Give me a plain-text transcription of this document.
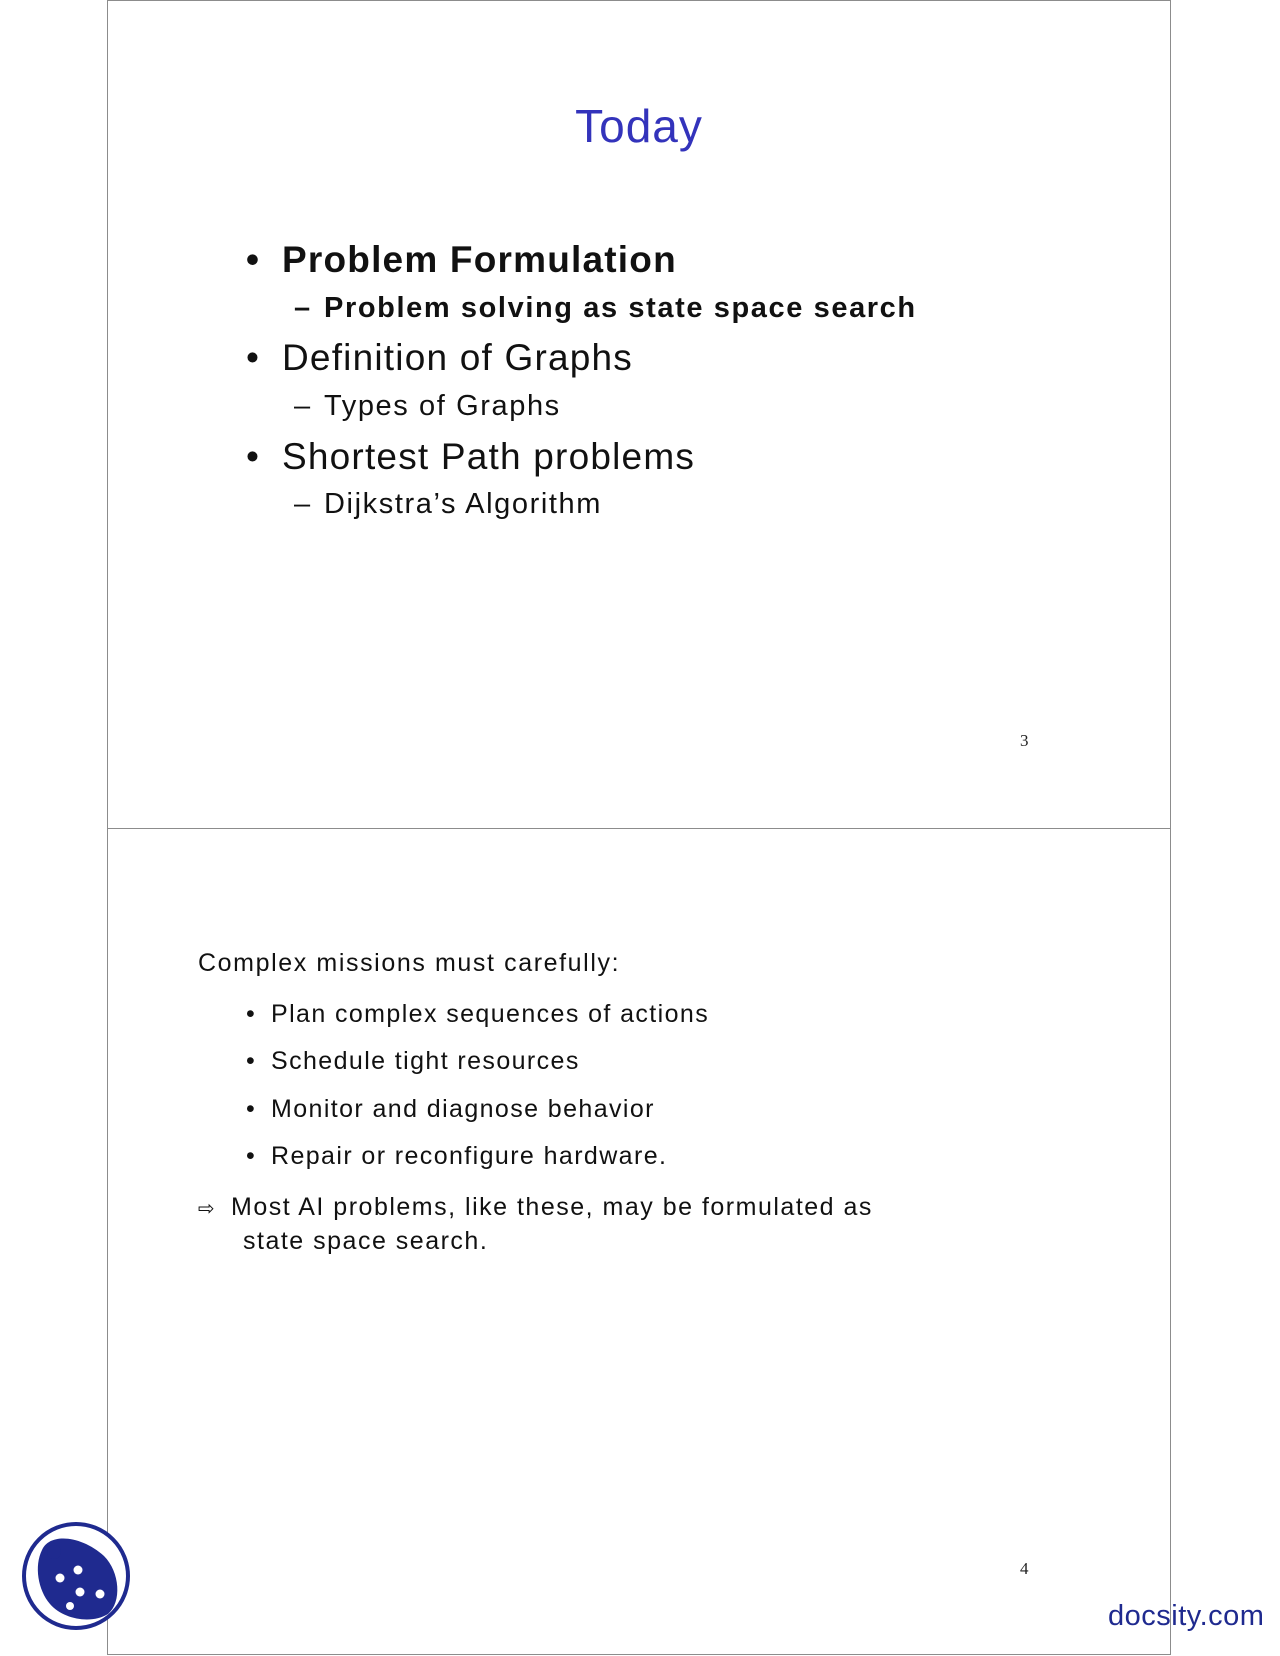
Today
• Problem Formulation
– Problem solving as state space search
• Definition of Graphs
– Types of Graphs
• Shortest Path problems
– Dijkstra’s Algorithm
3
Complex missions must carefully:
• Plan complex sequences of actions
• Schedule tight resources
• Monitor and diagnose behavior
• Repair or reconfigure hardware.
⇨ Most AI problems, like these, may be formulated as
state space search.
4
docsity.com
